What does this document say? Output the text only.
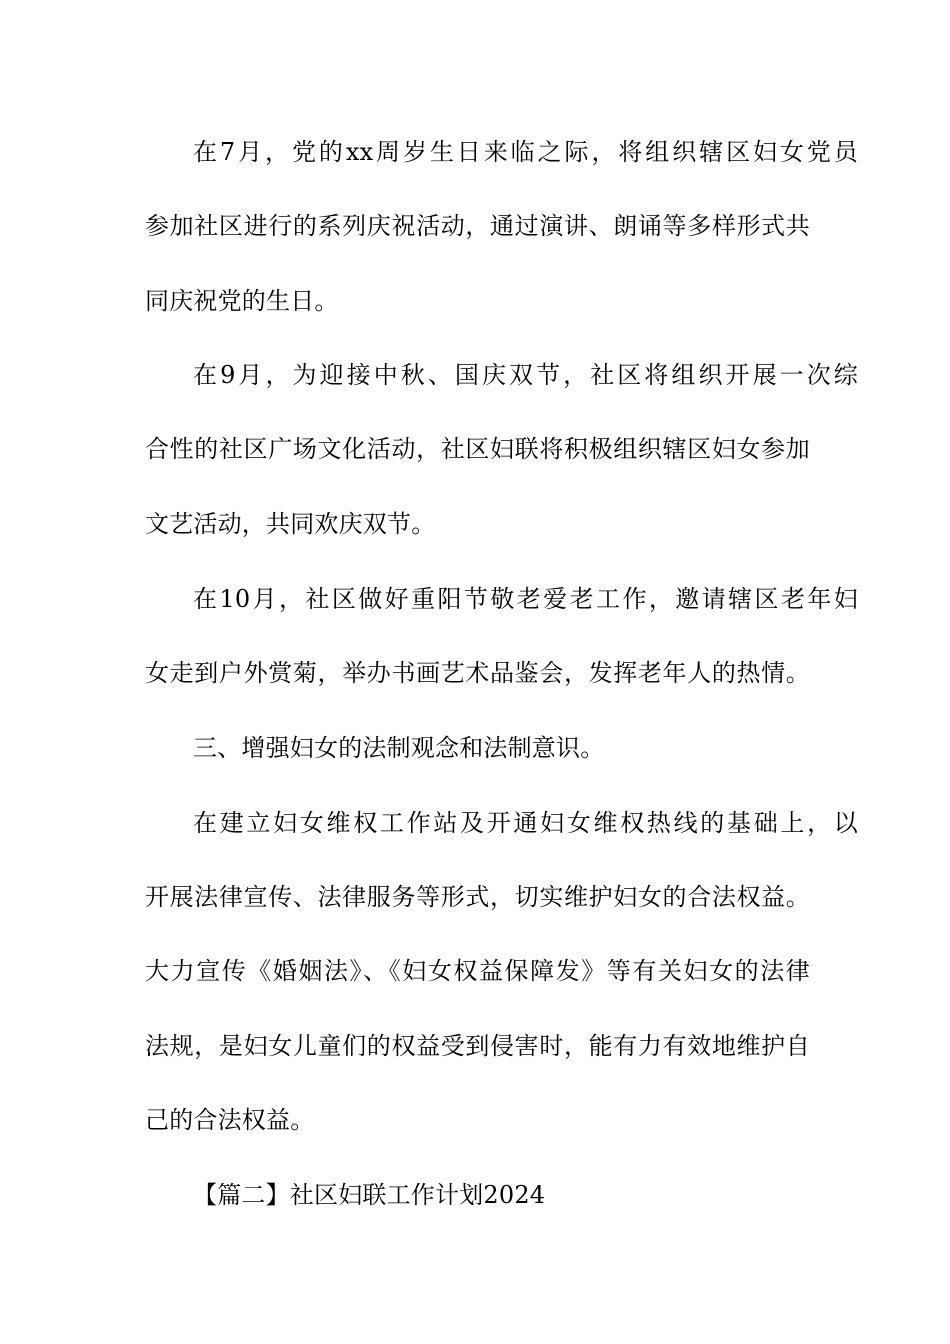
在7月，党的xx周岁生日来临之际，将组织辖区妇女党员
参加社区进行的系列庆祝活动，通过演讲、朗诵等多样形式共
同庆祝党的生日。
在9月，为迎接中秋、国庆双节，社区将组织开展一次综
合性的社区广场文化活动，社区妇联将积极组织辖区妇女参加
文艺活动，共同欢庆双节。
在10月，社区做好重阳节敬老爱老工作，邀请辖区老年妇
女走到户外赏菊，举办书画艺术品鉴会，发挥老年人的热情。
三、增强妇女的法制观念和法制意识。
在建立妇女维权工作站及开通妇女维权热线的基础上，以
开展法律宣传、法律服务等形式，切实维护妇女的合法权益。
大力宣传《婚姻法》、《妇女权益保障发》等有关妇女的法律
法规，是妇女儿童们的权益受到侵害时，能有力有效地维护自
己的合法权益。
【篇二】社区妇联工作计划2024
